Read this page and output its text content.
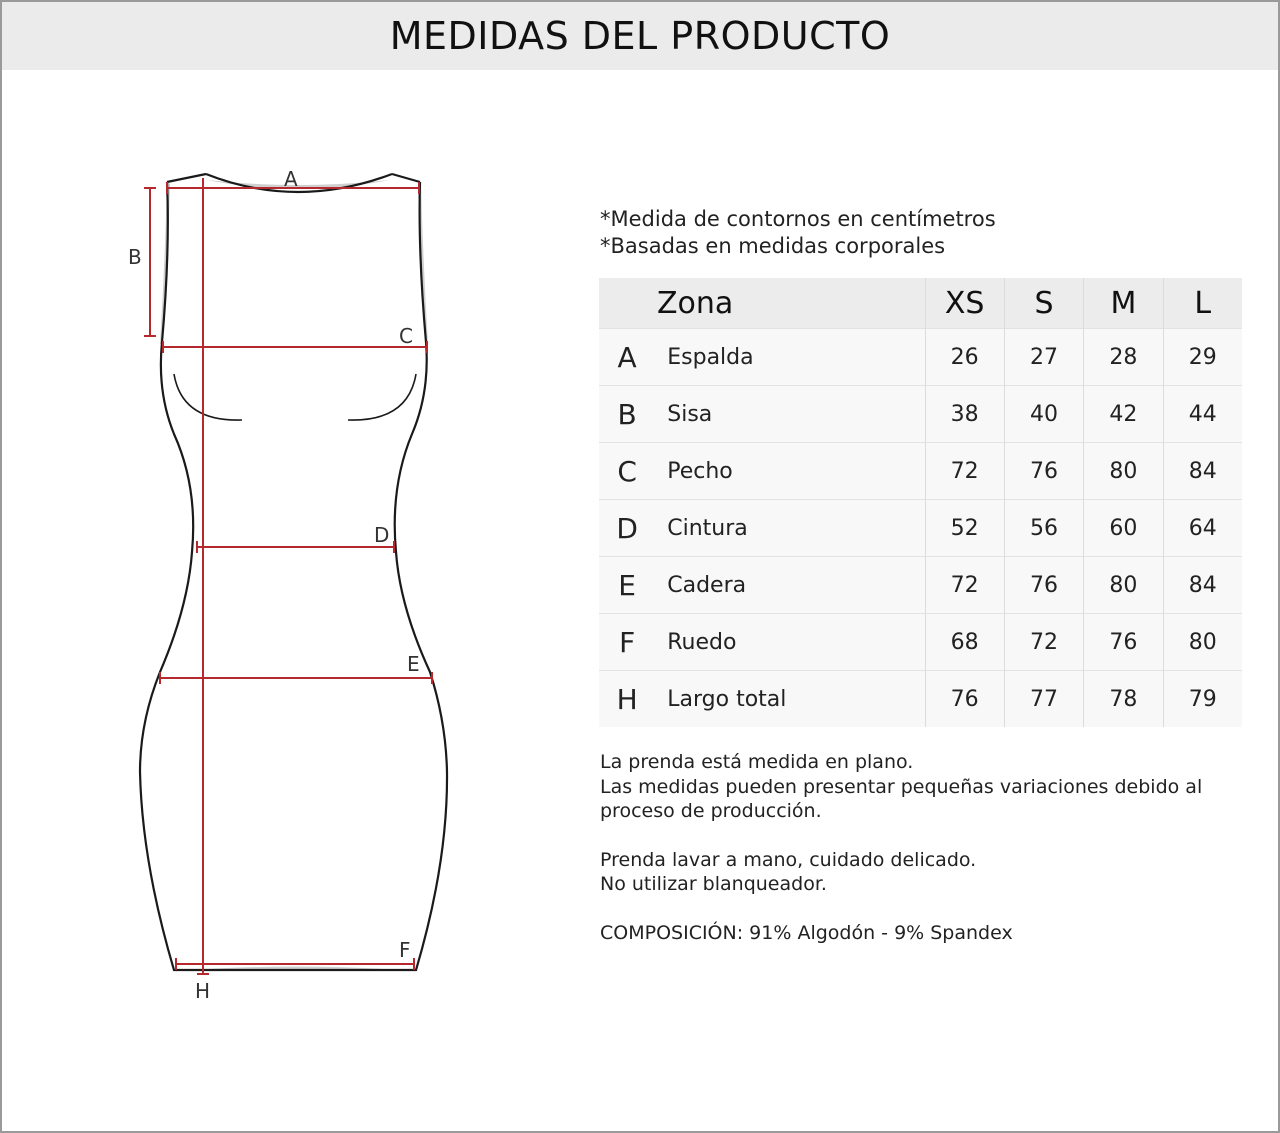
MEDIDAS DEL PRODUCTO
A
B
C
D
E
F
H
*Medida de contornos en centímetros
*Basadas en medidas corporales
Zona		XS	S	M	L
A	Espalda	26	27	28	29
B	Sisa	38	40	42	44
C	Pecho	72	76	80	84
D	Cintura	52	56	60	64
E	Cadera	72	76	80	84
F	Ruedo	68	72	76	80
H	Largo total	76	77	78	79

La prenda está medida en plano.

Las medidas pueden presentar pequeñas variaciones debido al

proceso de producción.

Prenda lavar a mano, cuidado delicado.

No utilizar blanqueador.

COMPOSICIÓN: 91% Algodón - 9% Spandex
